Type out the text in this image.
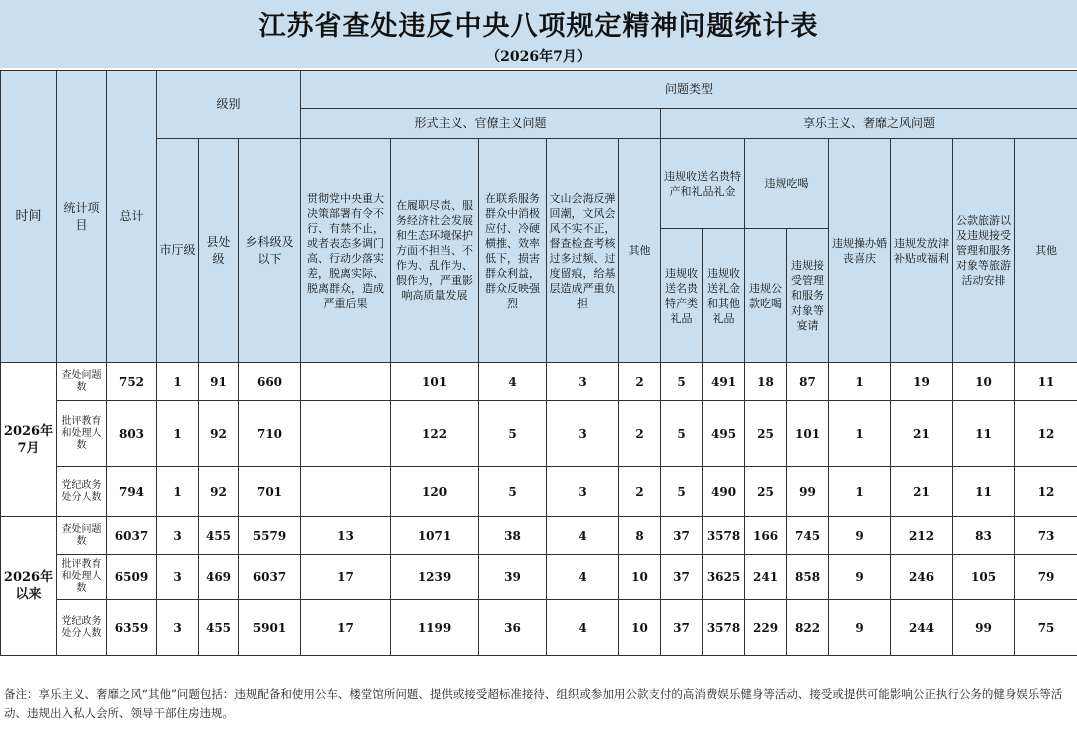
江苏省查处违反中央八项规定精神问题统计表
（2026年7月）
时间	统计项目	总计	级别			问题类型												
						形式主义、官僚主义问题					享乐主义、奢靡之风问题							

			市厅级	县处级	乡科级及以下	贯彻党中央重大决策部署有令不行、有禁不止，或者表态多调门高、行动少落实差，脱离实际、脱离群众，造成严重后果	在履职尽责、服务经济社会发展和生态环境保护方面不担当、不作为、乱作为、假作为，严重影响高质量发展	在联系服务群众中消极应付、冷硬横推、效率低下，损害群众利益，群众反映强烈	文山会海反弹回潮，文风会风不实不正，督查检查考核过多过频、过度留痕，给基层造成严重负担	其他	违规收送名贵特产和礼品礼金		违规吃喝		违规操办婚丧喜庆	违规发放津补贴或福利	公款旅游以及违规接受管理和服务对象等旅游活动安排	其他

											违规收送名贵特产类礼品	违规收送礼金和其他礼品	违规公款吃喝	违规接受管理和服务对象等宴请				

2026年7月	查处问题数	752	1	91	660		101	4	3	2	5	491	18	87	1	19	10	11
	批评教育和处理人数	803	1	92	710		122	5	3	2	5	495	25	101	1	21	11	12
	党纪政务处分人数	794	1	92	701		120	5	3	2	5	490	25	99	1	21	11	12
2026年以来	查处问题数	6037	3	455	5579	13	1071	38	4	8	37	3578	166	745	9	212	83	73
	批评教育和处理人数	6509	3	469	6037	17	1239	39	4	10	37	3625	241	858	9	246	105	79
	党纪政务处分人数	6359	3	455	5901	17	1199	36	4	10	37	3578	229	822	9	244	99	75
备注：享乐主义、奢靡之风“其他”问题包括：违规配备和使用公车、楼堂馆所问题、提供或接受超标准接待、组织或参加用公款支付的高消费娱乐健身等活动、接受或提供可能影响公正执行公务的健身娱乐等活动、违规出入私人会所、领导干部住房违规。
